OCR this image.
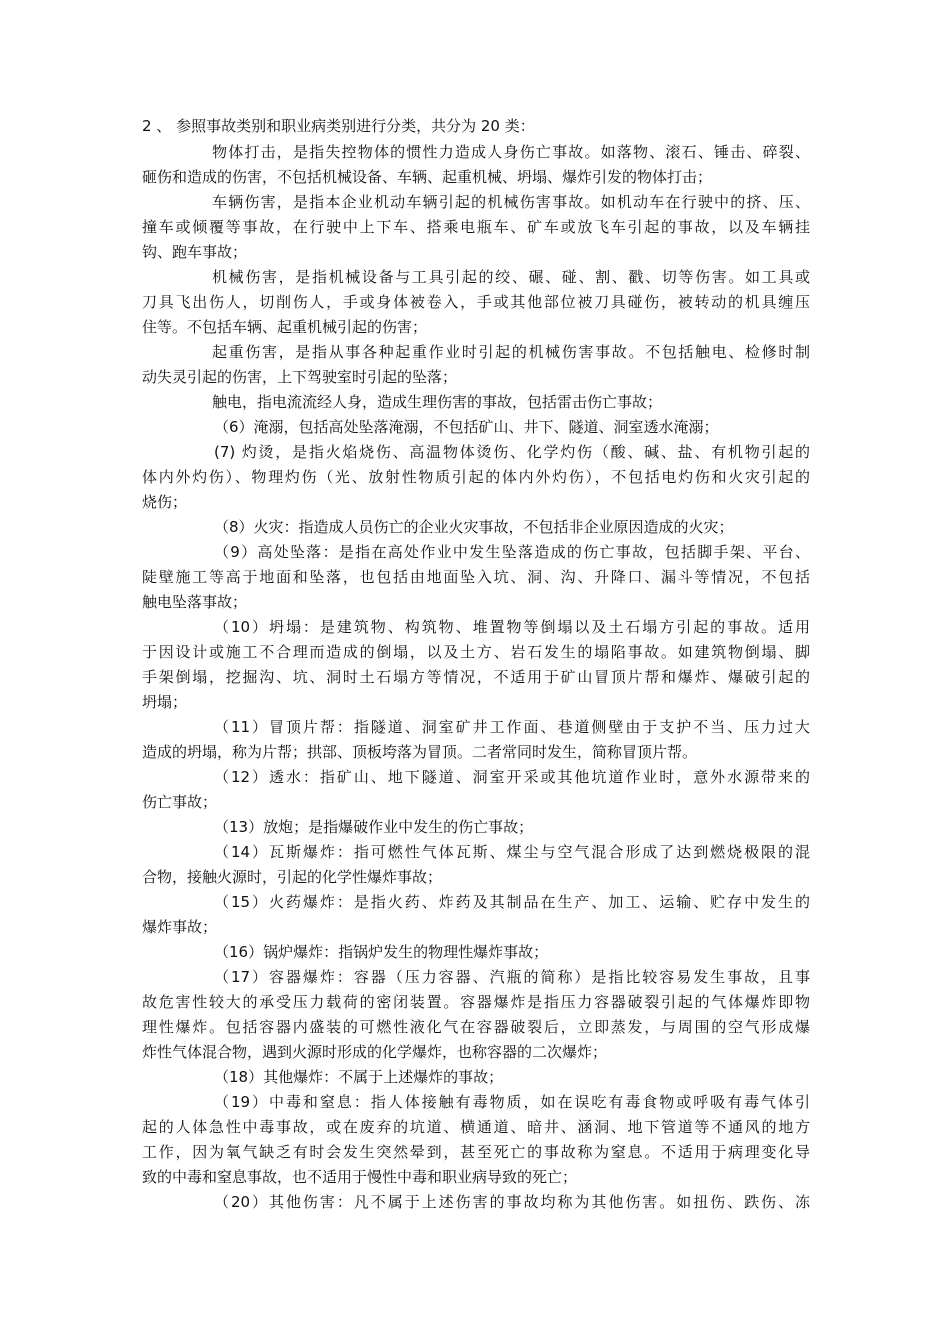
2 、 参照事故类别和职业病类别进行分类，共分为 20 类：
物体打击，是指失控物体的惯性力造成人身伤亡事故。如落物、滚石、锤击、碎裂、
砸伤和造成的伤害，不包括机械设备、车辆、起重机械、坍塌、爆炸引发的物体打击；
车辆伤害，是指本企业机动车辆引起的机械伤害事故。如机动车在行驶中的挤、压、
撞车或倾覆等事故，在行驶中上下车、搭乘电瓶车、矿车或放飞车引起的事故，以及车辆挂
钩、跑车事故；
机械伤害，是指机械设备与工具引起的绞、碾、碰、割、戳、切等伤害。如工具或
刀具飞出伤人，切削伤人，手或身体被卷入，手或其他部位被刀具碰伤，被转动的机具缠压
住等。不包括车辆、起重机械引起的伤害；
起重伤害，是指从事各种起重作业时引起的机械伤害事故。不包括触电、检修时制
动失灵引起的伤害，上下驾驶室时引起的坠落；
触电，指电流流经人身，造成生理伤害的事故，包括雷击伤亡事故；
（6）淹溺，包括高处坠落淹溺，不包括矿山、井下、隧道、洞室透水淹溺；
(7) 灼烫，是指火焰烧伤、高温物体烫伤、化学灼伤（酸、碱、盐、有机物引起的
体内外灼伤）、物理灼伤（光、放射性物质引起的体内外灼伤），不包括电灼伤和火灾引起的
烧伤；
（8）火灾：指造成人员伤亡的企业火灾事故，不包括非企业原因造成的火灾；
（9）高处坠落：是指在高处作业中发生坠落造成的伤亡事故，包括脚手架、平台、
陡壁施工等高于地面和坠落，也包括由地面坠入坑、洞、沟、升降口、漏斗等情况，不包括
触电坠落事故；
（10）坍塌：是建筑物、构筑物、堆置物等倒塌以及土石塌方引起的事故。适用
于因设计或施工不合理而造成的倒塌，以及土方、岩石发生的塌陷事故。如建筑物倒塌、脚
手架倒塌，挖掘沟、坑、洞时土石塌方等情况，不适用于矿山冒顶片帮和爆炸、爆破引起的
坍塌；
（11）冒顶片帮：指隧道、洞室矿井工作面、巷道侧壁由于支护不当、压力过大
造成的坍塌，称为片帮；拱部、顶板垮落为冒顶。二者常同时发生，简称冒顶片帮。
（12）透水：指矿山、地下隧道、洞室开采或其他坑道作业时，意外水源带来的
伤亡事故；
（13）放炮；是指爆破作业中发生的伤亡事故；
（14）瓦斯爆炸：指可燃性气体瓦斯、煤尘与空气混合形成了达到燃烧极限的混
合物，接触火源时，引起的化学性爆炸事故；
（15）火药爆炸：是指火药、炸药及其制品在生产、加工、运输、贮存中发生的
爆炸事故；
（16）锅炉爆炸：指锅炉发生的物理性爆炸事故；
（17）容器爆炸：容器（压力容器、汽瓶的简称）是指比较容易发生事故，且事
故危害性较大的承受压力载荷的密闭装置。容器爆炸是指压力容器破裂引起的气体爆炸即物
理性爆炸。包括容器内盛装的可燃性液化气在容器破裂后，立即蒸发，与周围的空气形成爆
炸性气体混合物，遇到火源时形成的化学爆炸，也称容器的二次爆炸；
（18）其他爆炸：不属于上述爆炸的事故；
（19）中毒和窒息：指人体接触有毒物质，如在误吃有毒食物或呼吸有毒气体引
起的人体急性中毒事故，或在废弃的坑道、横通道、暗井、涵洞、地下管道等不通风的地方
工作，因为氧气缺乏有时会发生突然晕到，甚至死亡的事故称为窒息。不适用于病理变化导
致的中毒和窒息事故，也不适用于慢性中毒和职业病导致的死亡；
（20）其他伤害：凡不属于上述伤害的事故均称为其他伤害。如扭伤、跌伤、冻
